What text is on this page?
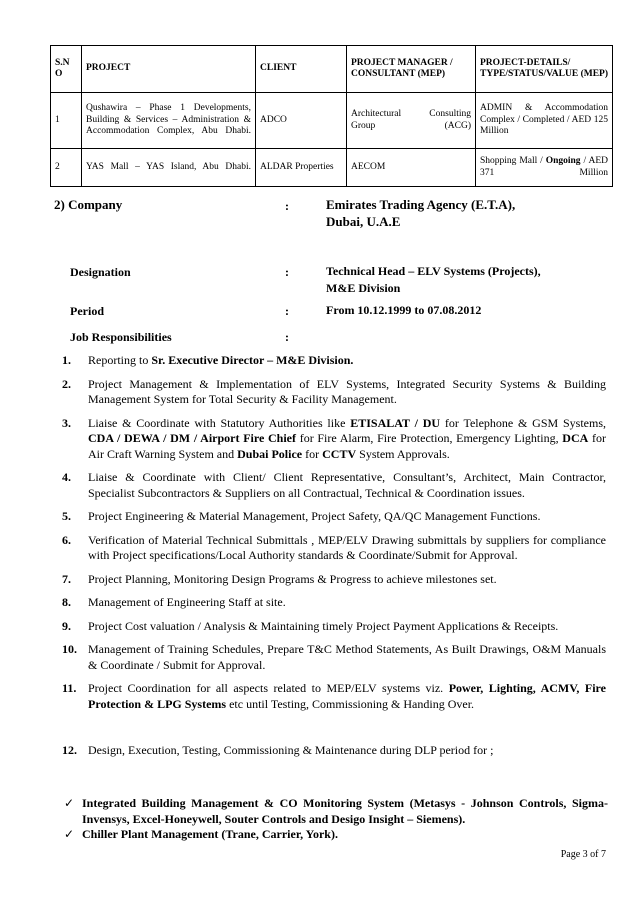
S.N O	PROJECT	CLIENT	PROJECT MANAGER / CONSULTANT (MEP)	PROJECT-DETAILS/ TYPE/STATUS/VALUE (MEP)
1	Qushawira – Phase 1 Developments, Building & Services – Administration & Accommodation Complex, Abu Dhabi.	ADCO	Architectural Consulting Group (ACG)	ADMIN & Accommodation Complex / Completed / AED 125 Million
2	YAS Mall – YAS Island, Abu Dhabi.	ALDAR Properties	AECOM	Shopping Mall / Ongoing / AED 371 Million
2) Company	:	Emirates Trading Agency (E.T.A),
Dubai, U.A.E
Designation	:	Technical Head – ELV Systems (Projects),
M&E Division
Period	:	From 10.12.1999 to 07.08.2012
Job Responsibilities	:
1.	Reporting to Sr. Executive Director – M&E Division.
2.	Project Management & Implementation of ELV Systems, Integrated Security Systems & Building Management System for Total Security & Facility Management.
3.	Liaise & Coordinate with Statutory Authorities like ETISALAT / DU for Telephone & GSM Systems, CDA / DEWA / DM / Airport Fire Chief for Fire Alarm, Fire Protection, Emergency Lighting, DCA for Air Craft Warning System and Dubai Police for CCTV System Approvals.
4.	Liaise & Coordinate with Client/ Client Representative, Consultant’s, Architect, Main Contractor, Specialist Subcontractors & Suppliers on all Contractual, Technical & Coordination issues.
5.	Project Engineering & Material Management, Project Safety, QA/QC Management Functions.
6.	Verification of Material Technical Submittals , MEP/ELV Drawing submittals by suppliers for compliance with Project specifications/Local Authority standards & Coordinate/Submit for Approval.
7.	Project Planning, Monitoring Design Programs & Progress to achieve milestones set.
8.	Management of Engineering Staff at site.
9.	Project Cost valuation / Analysis & Maintaining timely Project Payment Applications & Receipts.
10. Management of Training Schedules, Prepare T&C Method Statements, As Built Drawings, O&M Manuals & Coordinate / Submit for Approval.
11. Project Coordination for all aspects related to MEP/ELV systems viz. Power, Lighting, ACMV, Fire Protection & LPG Systems etc until Testing, Commissioning & Handing Over.
12. Design, Execution, Testing, Commissioning & Maintenance during DLP period for ;
✓ Integrated Building Management & CO Monitoring System (Metasys - Johnson Controls, Sigma-Invensys, Excel-Honeywell, Souter Controls and Desigo Insight – Siemens).
✓ Chiller Plant Management (Trane, Carrier, York).
Page 3 of 7
